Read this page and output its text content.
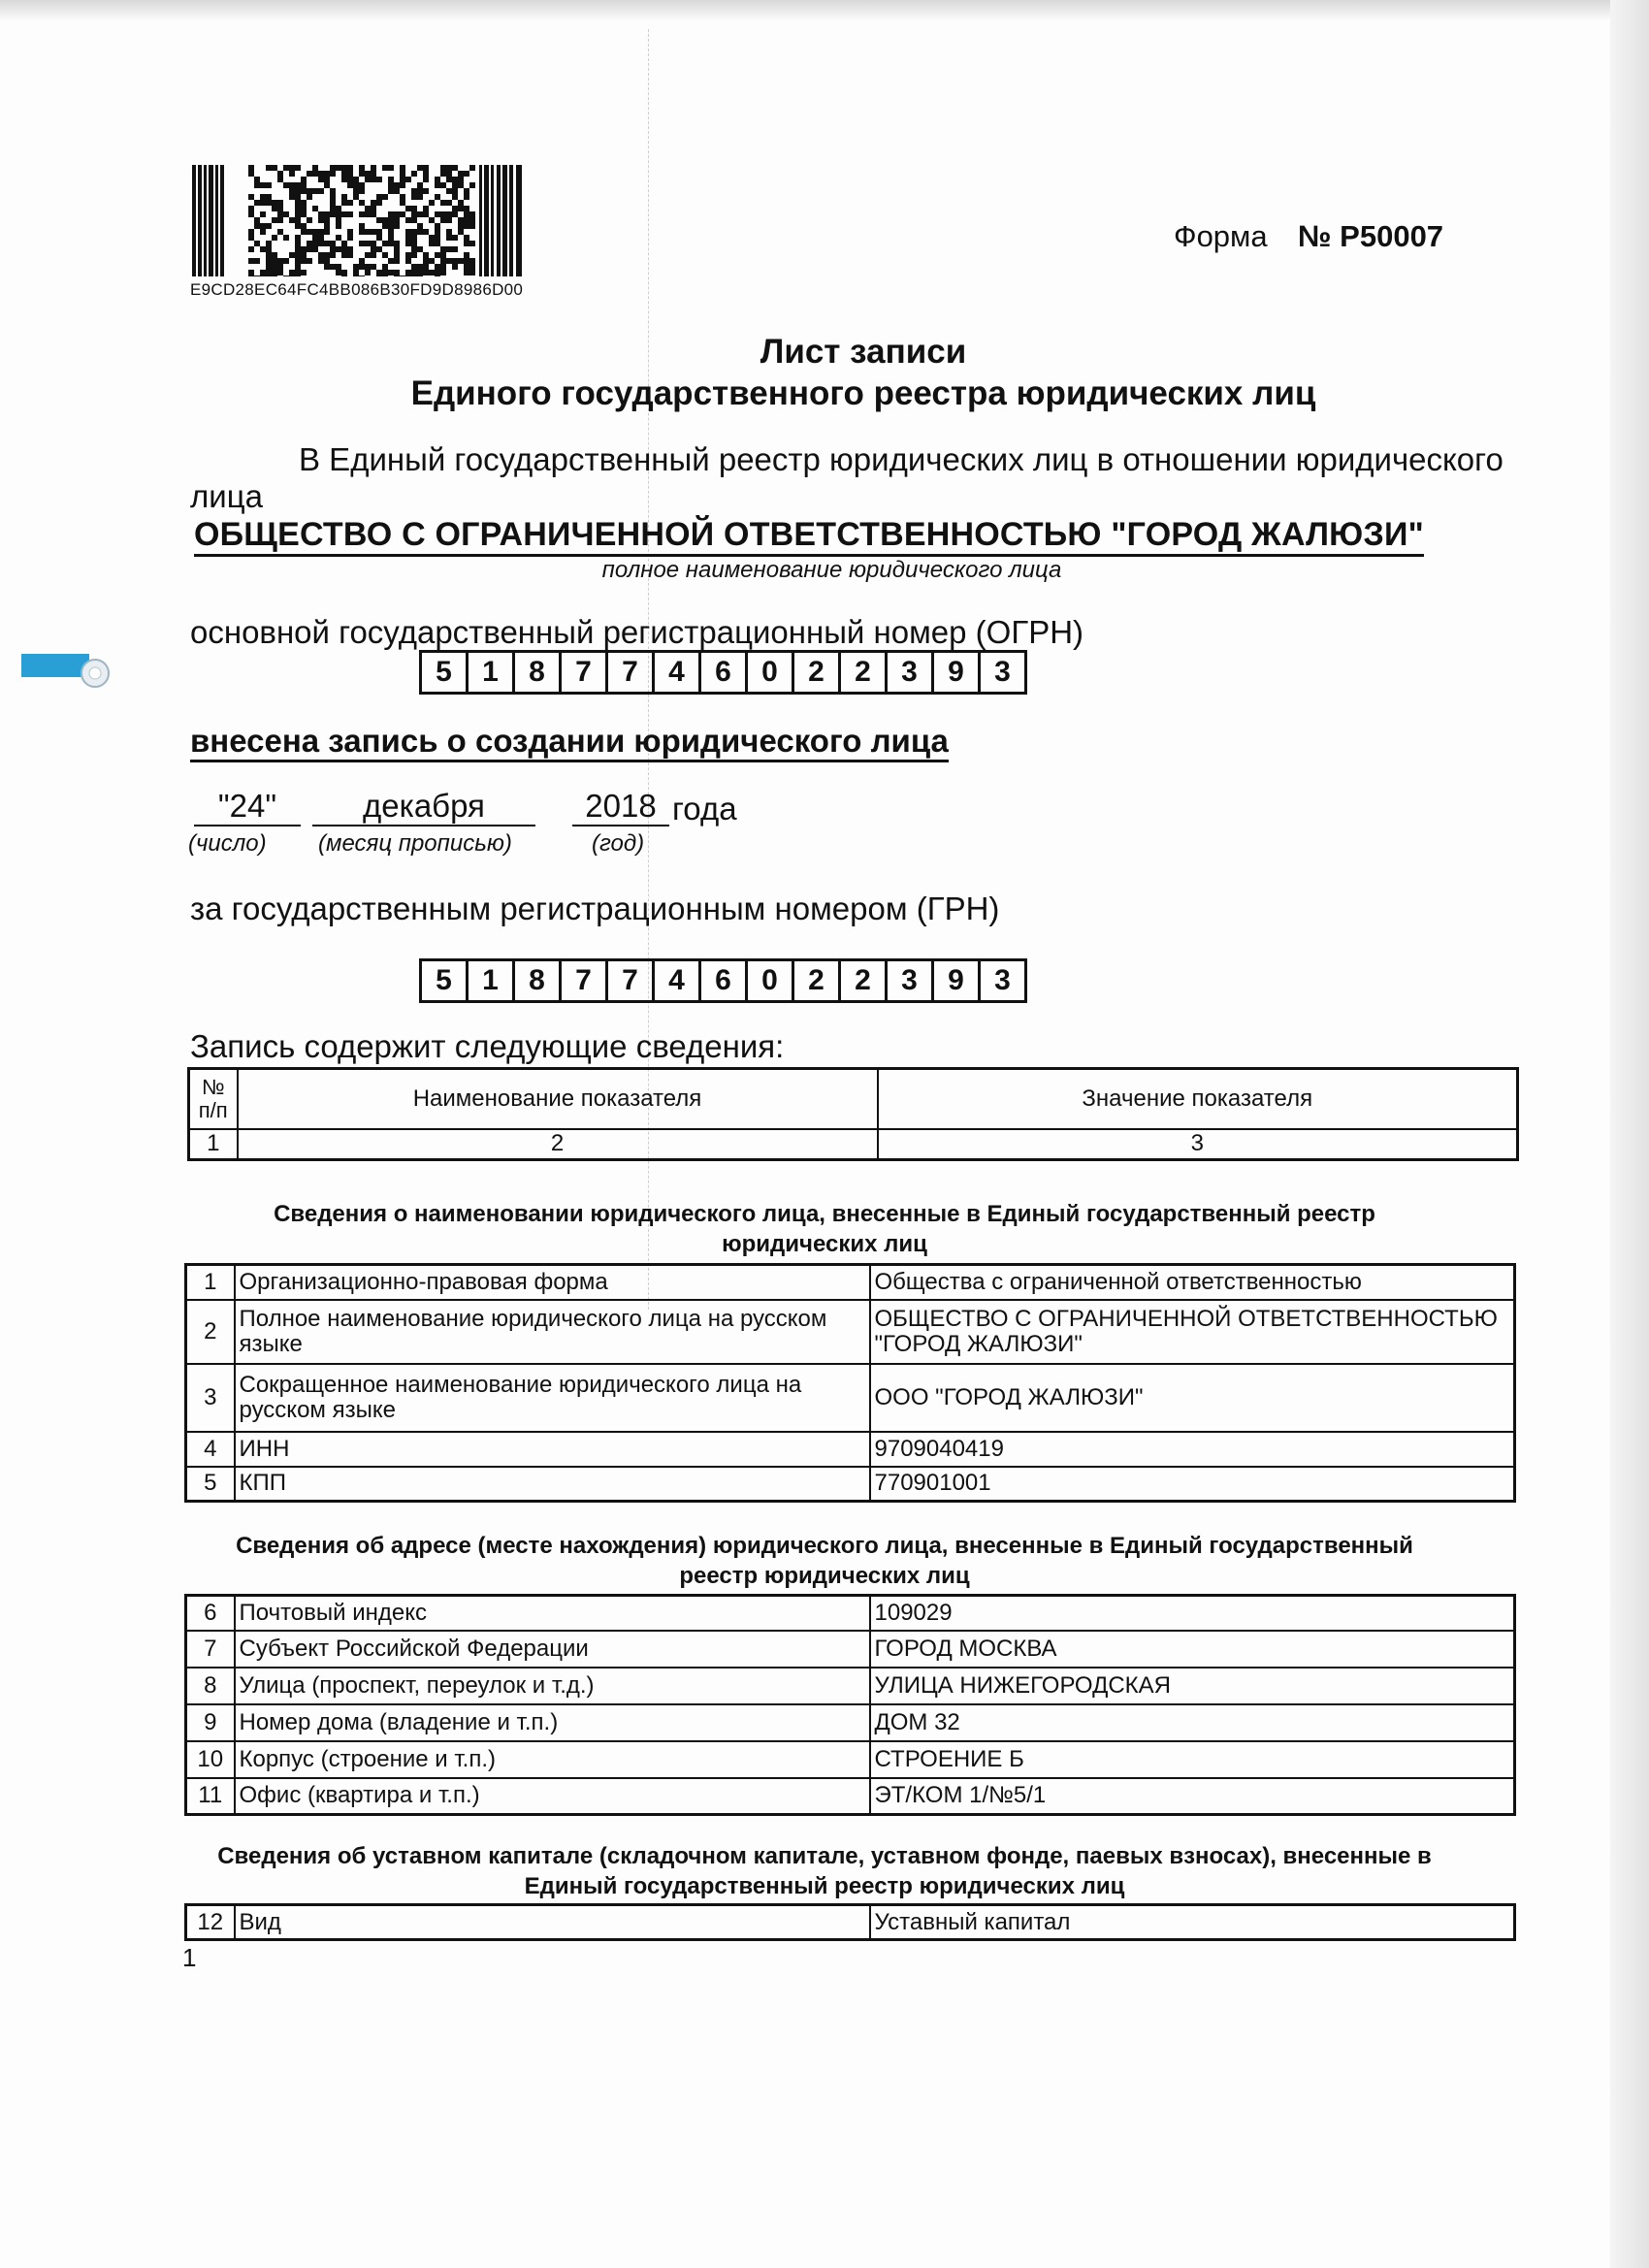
E9CD28EC64FC4BB086B30FD9D8986D00
Форма № Р50007
Лист записи
Единого государственного реестра юридических лиц
В Единый государственный реестр юридических лиц в отношении юридического
лица
ОБЩЕСТВО С ОГРАНИЧЕННОЙ ОТВЕТСТВЕННОСТЬЮ "ГОРОД ЖАЛЮЗИ"
полное наименование юридического лица
основной государственный регистрационный номер (ОГРН)
5	1	8	7	7	4	6	0	2	2	3	9	3
внесена запись о создании юридического лица
"24"	декабря	2018 года
(число) (месяц прописью)	(год)
за государственным регистрационным номером (ГРН)
5	1	8	7	7	4	6	0	2	2	3	9	3
Запись содержит следующие сведения:
№ п/п	Наименование показателя	Значение показателя
1	2	3
Сведения о наименовании юридического лица, внесенные в Единый государственный реестр
юридических лиц
1	Организационно-правовая форма	Общества с ограниченной ответственностью
2	Полное наименование юридического лица на русском языке	ОБЩЕСТВО С ОГРАНИЧЕННОЙ ОТВЕТСТВЕННОСТЬЮ "ГОРОД ЖАЛЮЗИ"
3	Сокращенное наименование юридического лица на русском языке	ООО "ГОРОД ЖАЛЮЗИ"
4	ИНН	9709040419
5	КПП	770901001
Сведения об адресе (месте нахождения) юридического лица, внесенные в Единый государственный
реестр юридических лиц
6	Почтовый индекс	109029
7	Субъект Российской Федерации	ГОРОД МОСКВА
8	Улица (проспект, переулок и т.д.)	УЛИЦА НИЖЕГОРОДСКАЯ
9	Номер дома (владение и т.п.)	ДОМ 32
10	Корпус (строение и т.п.)	СТРОЕНИЕ Б
11	Офис (квартира и т.п.)	ЭТ/КОМ 1/№5/1
Сведения об уставном капитале (складочном капитале, уставном фонде, паевых взносах), внесенные в
Единый государственный реестр юридических лиц
12	Вид	Уставный капитал
1
